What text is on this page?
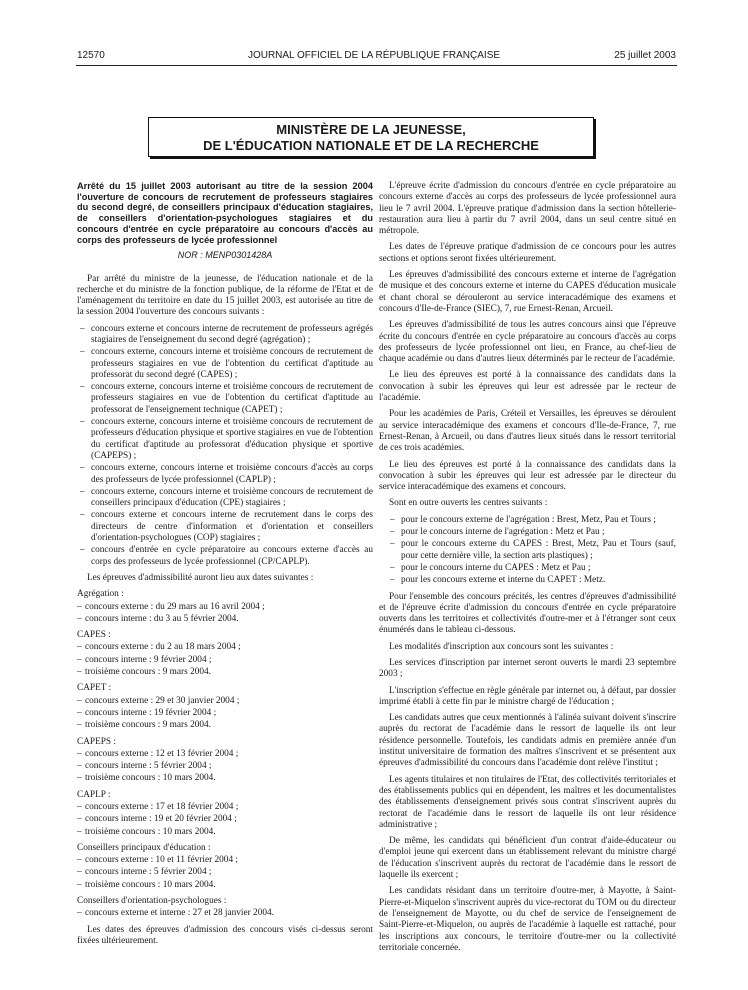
12570	JOURNAL OFFICIEL DE LA RÉPUBLIQUE FRANÇAISE	25 juillet 2003
MINISTÈRE DE LA JEUNESSE,
DE L'ÉDUCATION NATIONALE ET DE LA RECHERCHE
Arrêté du 15 juillet 2003 autorisant au titre de la session 2004 l'ouverture de concours de recrutement de professeurs stagiaires du second degré, de conseillers principaux d'éducation stagiaires, de conseillers d'orientation-psychologues stagiaires et du concours d'entrée en cycle préparatoire au concours d'accès au corps des professeurs de lycée professionnel
NOR : MENP0301428A

Par arrêté du ministre de la jeunesse, de l'éducation nationale et de la recherche et du ministre de la fonction publique, de la réforme de l'Etat et de l'aménagement du territoire en date du 15 juillet 2003, est autorisée au titre de la session 2004 l'ouverture des concours suivants :

– concours externe et concours interne de recrutement de professeurs agrégés stagiaires de l'enseignement du second degré (agrégation) ;
– concours externe, concours interne et troisième concours de recrutement de professeurs stagiaires en vue de l'obtention du certificat d'aptitude au professorat du second degré (CAPES) ;
– concours externe, concours interne et troisième concours de recrutement de professeurs stagiaires en vue de l'obtention du certificat d'aptitude au professorat de l'enseignement technique (CAPET) ;
– concours externe, concours interne et troisième concours de recrutement de professeurs d'éducation physique et sportive stagiaires en vue de l'obtention du certificat d'aptitude au professorat d'éducation physique et sportive (CAPEPS) ;
– concours externe, concours interne et troisième concours d'accès au corps des professeurs de lycée professionnel (CAPLP) ;
– concours externe, concours interne et troisième concours de recrutement de conseillers principaux d'éducation (CPE) stagiaires ;
– concours externe et concours interne de recrutement dans le corps des directeurs de centre d'information et d'orientation et conseillers d'orientation-psychologues (COP) stagiaires ;
– concours d'entrée en cycle préparatoire au concours externe d'accès au corps des professeurs de lycée professionnel (CP/CAPLP).

Les épreuves d'admissibilité auront lieu aux dates suivantes :

Agrégation :
– concours externe : du 29 mars au 16 avril 2004 ;
– concours interne : du 3 au 5 février 2004.
CAPES :
– concours externe : du 2 au 18 mars 2004 ;
– concours interne : 9 février 2004 ;
– troisième concours : 9 mars 2004.
CAPET :
– concours externe : 29 et 30 janvier 2004 ;
– concours interne : 19 février 2004 ;
– troisième concours : 9 mars 2004.
CAPEPS :
– concours externe : 12 et 13 février 2004 ;
– concours interne : 5 février 2004 ;
– troisième concours : 10 mars 2004.
CAPLP :
– concours externe : 17 et 18 février 2004 ;
– concours interne : 19 et 20 février 2004 ;
– troisième concours : 10 mars 2004.
Conseillers principaux d'éducation :
– concours externe : 10 et 11 février 2004 ;
– concours interne : 5 février 2004 ;
– troisième concours : 10 mars 2004.
Conseillers d'orientation-psychologues :
– concours externe et interne : 27 et 28 janvier 2004.

Les dates des épreuves d'admission des concours visés ci-dessus seront fixées ultérieurement.

L'épreuve écrite d'admission du concours d'entrée en cycle préparatoire au concours externe d'accès au corps des professeurs de lycée professionnel aura lieu le 7 avril 2004. L'épreuve pratique d'admission dans la section hôtellerie-restauration aura lieu à partir du 7 avril 2004, dans un seul centre situé en métropole.

Les dates de l'épreuve pratique d'admission de ce concours pour les autres sections et options seront fixées ultérieurement.

Les épreuves d'admissibilité des concours externe et interne de l'agrégation de musique et des concours externe et interne du CAPES d'éducation musicale et chant choral se dérouleront au service interacadémique des examens et concours d'Ile-de-France (SIEC), 7, rue Ernest-Renan, Arcueil.

Les épreuves d'admissibilité de tous les autres concours ainsi que l'épreuve écrite du concours d'entrée en cycle préparatoire au concours d'accès au corps des professeurs de lycée professionnel ont lieu, en France, au chef-lieu de chaque académie ou dans d'autres lieux déterminés par le recteur de l'académie.

Le lieu des épreuves est porté à la connaissance des candidats dans la convocation à subir les épreuves qui leur est adressée par le recteur de l'académie.

Pour les académies de Paris, Créteil et Versailles, les épreuves se déroulent au service interacadémique des examens et concours d'Ile-de-France, 7, rue Ernest-Renan, à Arcueil, ou dans d'autres lieux situés dans le ressort territorial de ces trois académies.

Le lieu des épreuves est porté à la connaissance des candidats dans la convocation à subir les épreuves qui leur est adressée par le directeur du service interacadémique des examens et concours.

Sont en outre ouverts les centres suivants :

– pour le concours externe de l'agrégation : Brest, Metz, Pau et Tours ;
– pour le concours interne de l'agrégation : Metz et Pau ;
– pour le concours externe du CAPES : Brest, Metz, Pau et Tours (sauf, pour cette dernière ville, la section arts plastiques) ;
– pour le concours interne du CAPES : Metz et Pau ;
– pour les concours externe et interne du CAPET : Metz.

Pour l'ensemble des concours précités, les centres d'épreuves d'admissibilité et de l'épreuve écrite d'admission du concours d'entrée en cycle préparatoire ouverts dans les territoires et collectivités d'outre-mer et à l'étranger sont ceux énumérés dans le tableau ci-dessous.

Les modalités d'inscription aux concours sont les suivantes :

Les services d'inscription par internet seront ouverts le mardi 23 septembre 2003 ;

L'inscription s'effectue en règle générale par internet ou, à défaut, par dossier imprimé établi à cette fin par le ministre chargé de l'éducation ;

Les candidats autres que ceux mentionnés à l'alinéa suivant doivent s'inscrire auprès du rectorat de l'académie dans le ressort de laquelle ils ont leur résidence personnelle. Toutefois, les candidats admis en première année d'un institut universitaire de formation des maîtres s'inscrivent et se présentent aux épreuves d'admissibilité du concours dans l'académie dont relève l'institut ;

Les agents titulaires et non titulaires de l'Etat, des collectivités territoriales et des établissements publics qui en dépendent, les maîtres et les documentalistes des établissements d'enseignement privés sous contrat s'inscrivent auprès du rectorat de l'académie dans le ressort de laquelle ils ont leur résidence administrative ;

De même, les candidats qui bénéficient d'un contrat d'aide-éducateur ou d'emploi jeune qui exercent dans un établissement relevant du ministre chargé de l'éducation s'inscrivent auprès du rectorat de l'académie dans le ressort de laquelle ils exercent ;

Les candidats résidant dans un territoire d'outre-mer, à Mayotte, à Saint-Pierre-et-Miquelon s'inscrivent auprès du vice-rectorat du TOM ou du directeur de l'enseignement de Mayotte, ou du chef de service de l'enseignement de Saint-Pierre-et-Miquelon, ou auprès de l'académie à laquelle est rattaché, pour les inscriptions aux concours, le territoire d'outre-mer ou la collectivité territoriale concernée.
